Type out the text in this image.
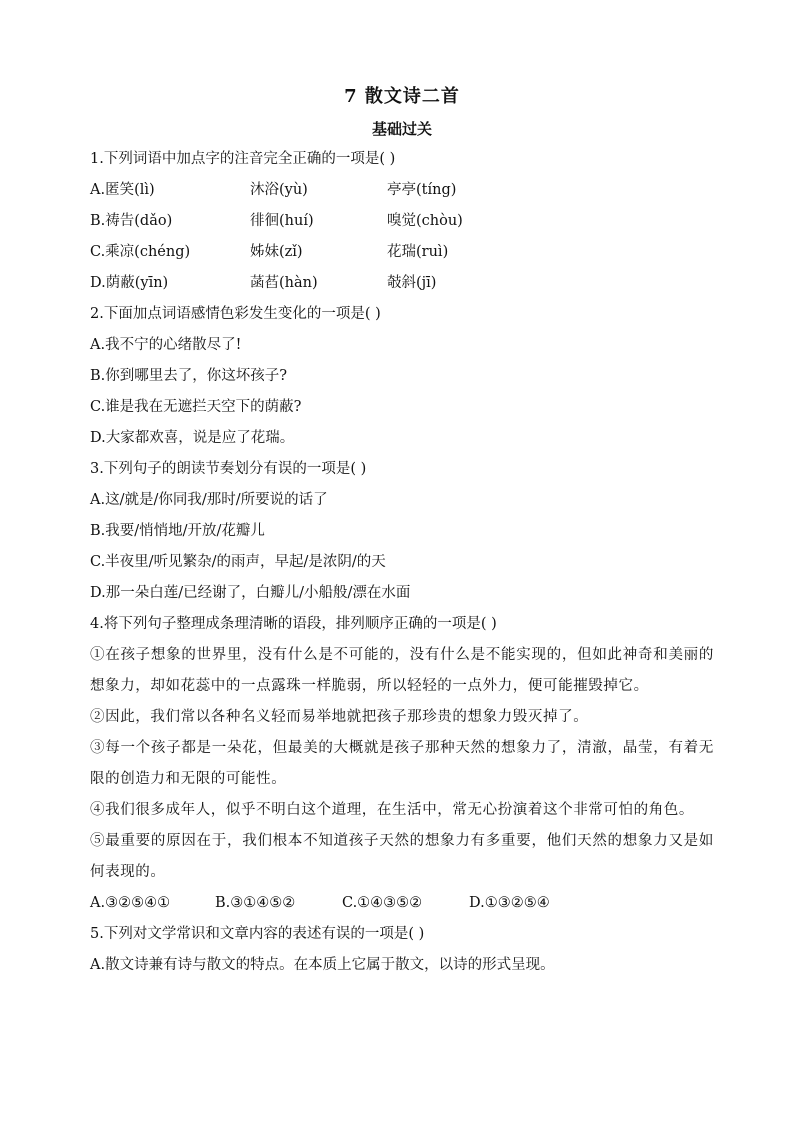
7 散文诗二首
基础过关
1.下列词语中加点字的注音完全正确的一项是( )
A.匿笑(lì)	沐浴(yù)	亭亭(tíng)
B.祷告(dǎo)	徘徊(huí)	嗅觉(chòu)
C.乘凉(chéng)	姊妹(zǐ)	花瑞(ruì)
D.荫蔽(yīn)	菡萏(hàn)	攲斜(jī)
2.下面加点词语感情色彩发生变化的一项是( )
A.我不宁的心绪散尽了!
B.你到哪里去了，你这坏孩子?
C.谁是我在无遮拦天空下的荫蔽?
D.大家都欢喜，说是应了花瑞。
3.下列句子的朗读节奏划分有误的一项是( )
A.这/就是/你同我/那时/所要说的话了
B.我要/悄悄地/开放/花瓣儿
C.半夜里/听见繁杂/的雨声，早起/是浓阴/的天
D.那一朵白莲/已经谢了，白瓣儿/小船般/漂在水面
4.将下列句子整理成条理清晰的语段，排列顺序正确的一项是( )
①在孩子想象的世界里，没有什么是不可能的，没有什么是不能实现的，但如此神奇和美丽的想象力，却如花蕊中的一点露珠一样脆弱，所以轻轻的一点外力，便可能摧毁掉它。
②因此，我们常以各种名义轻而易举地就把孩子那珍贵的想象力毁灭掉了。
③每一个孩子都是一朵花，但最美的大概就是孩子那种天然的想象力了，清澈，晶莹，有着无限的创造力和无限的可能性。
④我们很多成年人，似乎不明白这个道理，在生活中，常无心扮演着这个非常可怕的角色。
⑤最重要的原因在于，我们根本不知道孩子天然的想象力有多重要，他们天然的想象力又是如何表现的。
A.③②⑤④①	B.③①④⑤②	C.①④③⑤②	D.①③②⑤④
5.下列对文学常识和文章内容的表述有误的一项是( )
A.散文诗兼有诗与散文的特点。在本质上它属于散文，以诗的形式呈现。
